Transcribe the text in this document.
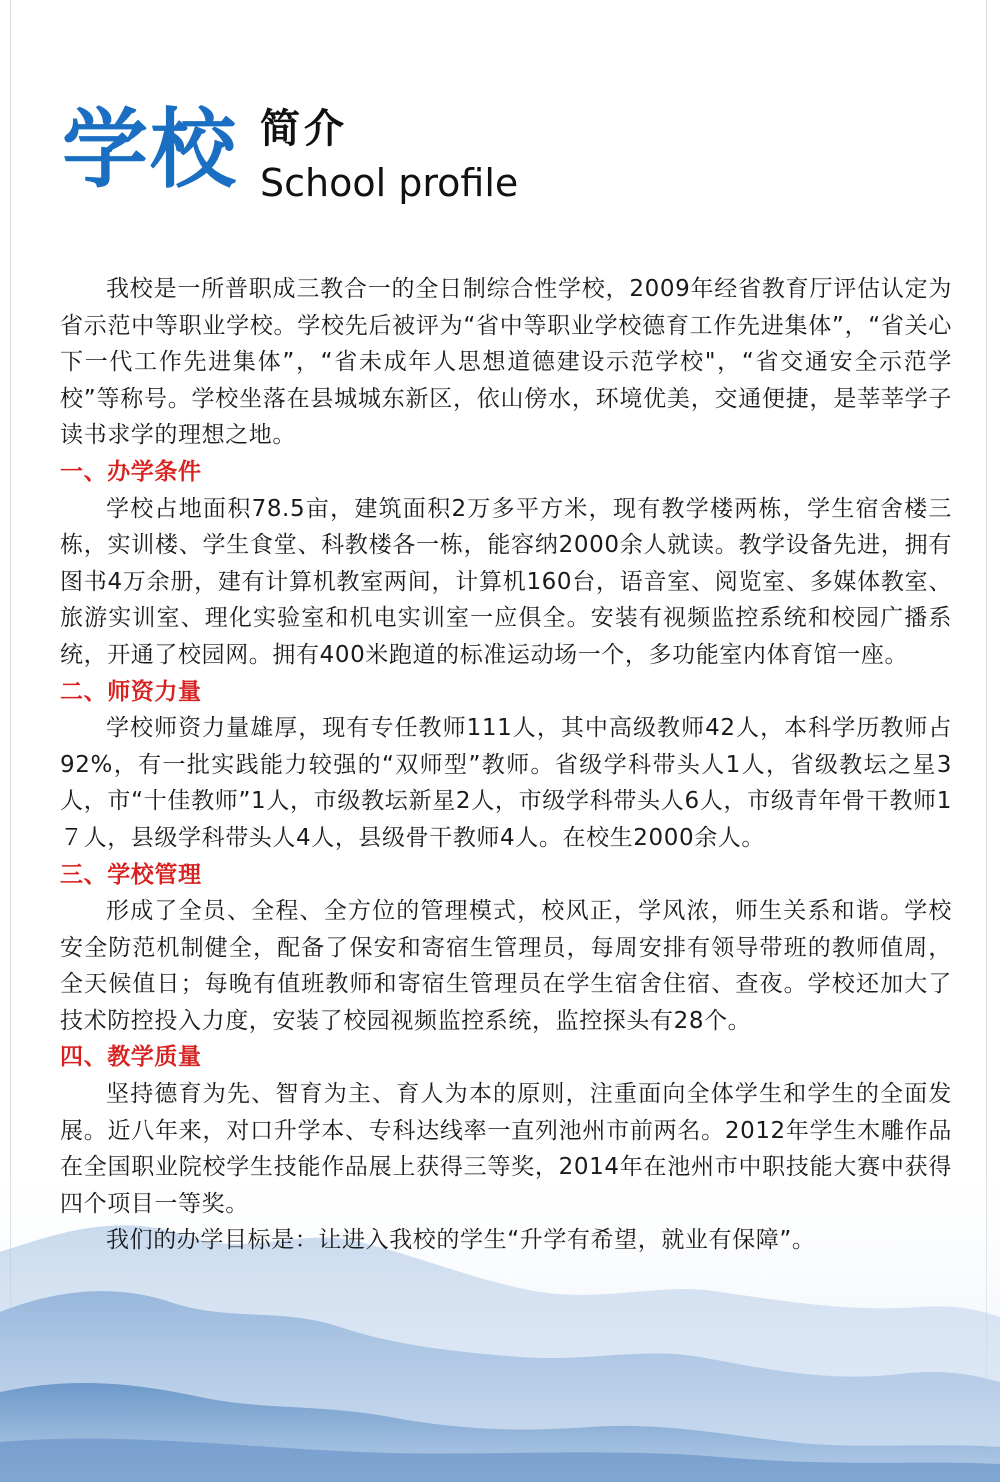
学校 简介
School profile

我校是一所普职成三教合一的全日制综合性学校，2009年经省教育厅评估认定为省示范中等职业学校。学校先后被评为“省中等职业学校德育工作先进集体”，“省关心下一代工作先进集体”，“省未成年人思想道德建设示范学校"，“省交通安全示范学校”等称号。学校坐落在县城城东新区，依山傍水，环境优美，交通便捷，是莘莘学子读书求学的理想之地。

一、办学条件

学校占地面积78.5亩，建筑面积2万多平方米，现有教学楼两栋，学生宿舍楼三栋，实训楼、学生食堂、科教楼各一栋，能容纳2000余人就读。教学设备先进，拥有图书4万余册，建有计算机教室两间，计算机160台，语音室、阅览室、多媒体教室、旅游实训室、理化实验室和机电实训室一应俱全。安装有视频监控系统和校园广播系统，开通了校园网。拥有400米跑道的标准运动场一个，多功能室内体育馆一座。

二、师资力量

学校师资力量雄厚，现有专任教师111人，其中高级教师42人，本科学历教师占92%，有一批实践能力较强的“双师型”教师。省级学科带头人1人，省级教坛之星3人，市“十佳教师”1人，市级教坛新星2人，市级学科带头人6人，市级青年骨干教师1７人，县级学科带头人4人，县级骨干教师4人。在校生2000余人。

三、学校管理

形成了全员、全程、全方位的管理模式，校风正，学风浓，师生关系和谐。学校安全防范机制健全，配备了保安和寄宿生管理员，每周安排有领导带班的教师值周，全天候值日；每晚有值班教师和寄宿生管理员在学生宿舍住宿、查夜。学校还加大了技术防控投入力度，安装了校园视频监控系统，监控探头有28个。

四、教学质量

坚持德育为先、智育为主、育人为本的原则，注重面向全体学生和学生的全面发展。近八年来，对口升学本、专科达线率一直列池州市前两名。2012年学生木雕作品在全国职业院校学生技能作品展上获得三等奖，2014年在池州市中职技能大赛中获得四个项目一等奖。

我们的办学目标是：让进入我校的学生“升学有希望，就业有保障”。
